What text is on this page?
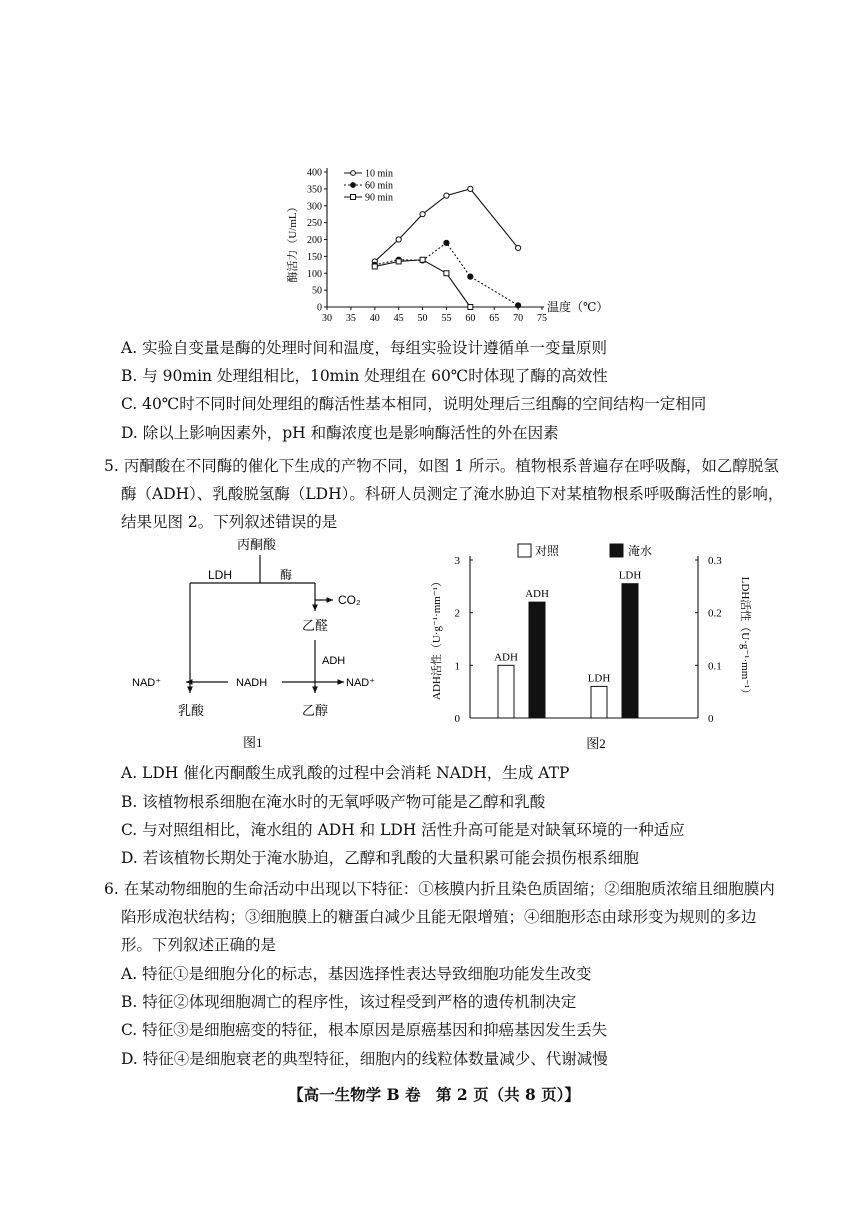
0
50
100
150
200
250
300
350
400
30 35 40 45 50 55 60 65 70 75
酶活力（U/mL）
温度（℃）
10 min
60 min
90 min
A. 实验自变量是酶的处理时间和温度，每组实验设计遵循单一变量原则
B. 与 90min 处理组相比，10min 处理组在 60℃时体现了酶的高效性
C. 40℃时不同时间处理组的酶活性基本相同，说明处理后三组酶的空间结构一定相同
D. 除以上影响因素外，pH 和酶浓度也是影响酶活性的外在因素
5. 丙酮酸在不同酶的催化下生成的产物不同，如图 1 所示。植物根系普遍存在呼吸酶，如乙醇脱氢
酶（ADH）、乳酸脱氢酶（LDH）。科研人员测定了淹水胁迫下对某植物根系呼吸酶活性的影响，
结果见图 2。下列叙述错误的是
丙酮酸
LDH	酶
CO₂
乙醛
ADH
NAD⁺	NADH	NAD⁺
乳酸	乙醇
图1
0
1
2
3
0
0.1
0.2
0.3
ADH
ADH
LDH
LDH
ADH活性（U·g⁻¹·mm⁻¹）	LDH活性（U·g⁻¹·mm⁻¹）
对照	淹水
图2
A. LDH 催化丙酮酸生成乳酸的过程中会消耗 NADH，生成 ATP
B. 该植物根系细胞在淹水时的无氧呼吸产物可能是乙醇和乳酸
C. 与对照组相比，淹水组的 ADH 和 LDH 活性升高可能是对缺氧环境的一种适应
D. 若该植物长期处于淹水胁迫，乙醇和乳酸的大量积累可能会损伤根系细胞
6. 在某动物细胞的生命活动中出现以下特征：①核膜内折且染色质固缩；②细胞质浓缩且细胞膜内
陷形成泡状结构；③细胞膜上的糖蛋白减少且能无限增殖；④细胞形态由球形变为规则的多边
形。下列叙述正确的是
A. 特征①是细胞分化的标志，基因选择性表达导致细胞功能发生改变
B. 特征②体现细胞凋亡的程序性，该过程受到严格的遗传机制决定
C. 特征③是细胞癌变的特征，根本原因是原癌基因和抑癌基因发生丢失
D. 特征④是细胞衰老的典型特征，细胞内的线粒体数量减少、代谢减慢
【高一生物学 B 卷　第 2 页（共 8 页）】
